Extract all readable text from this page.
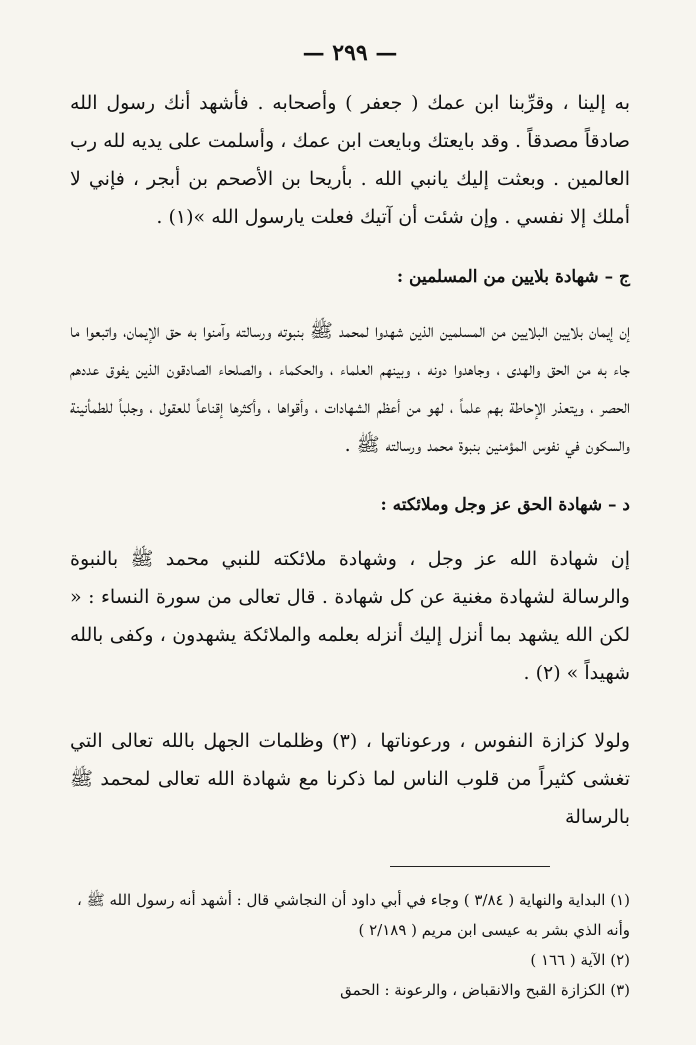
— ٢٩٩ —

به إلينا ، وقرِّبنا ابن عمك ( جعفر ) وأصحابه . فأشهد أنك رسول الله صادقاً مصدقاً . وقد بايعتك وبايعت ابن عمك ، وأسلمت على يديه لله رب العالمين . وبعثت إليك يانبي الله . بأريحا بن الأصحم بن أبجر ، فإني لا أملك إلا نفسي . وإن شئت أن آتيك فعلت يارسول الله »(١) .

ج – شهادة بلايين من المسلمين :

إن إيمان بلايين البلايين من المسلمين الذين شهدوا لمحمد ﷺ بنبوته ورسالته وآمنوا به حق الإيمان، واتبعوا ما جاء به من الحق والهدى ، وجاهدوا دونه ، وبينهم العلماء ، والحكماء ، والصلحاء الصادقون الذين يفوق عددهم الحصر ، ويتعذر الإحاطة بهم علماً ، لهو من أعظم الشهادات ، وأقواها ، وأكثرها إقناعاً للعقول ، وجلباً للطمأنينة والسكون في نفوس المؤمنين بنبوة محمد ورسالته ﷺ .

د – شهادة الحق عز وجل وملائكته :

إن شهادة الله عز وجل ، وشهادة ملائكته للنبي محمد ﷺ بالنبوة والرسالة لشهادة مغنية عن كل شهادة . قال تعالى من سورة النساء : « لكن الله يشهد بما أنزل إليك أنزله بعلمه والملائكة يشهدون ، وكفى بالله شهيداً » (٢) .

ولولا كزازة النفوس ، ورعوناتها ، (٣) وظلمات الجهل بالله تعالى التي تغشى كثيراً من قلوب الناس لما ذكرنا مع شهادة الله تعالى لمحمد ﷺ بالرسالة

(١) البداية والنهاية ( ٣/٨٤ ) وجاء في أبي داود أن النجاشي قال : أشهد أنه رسول الله ﷺ ، وأنه الذي بشر به عيسى ابن مريم ( ٢/١٨٩ )

(٢) الآية ( ١٦٦ )

(٣) الكزازة القبح والانقباض ، والرعونة : الحمق
